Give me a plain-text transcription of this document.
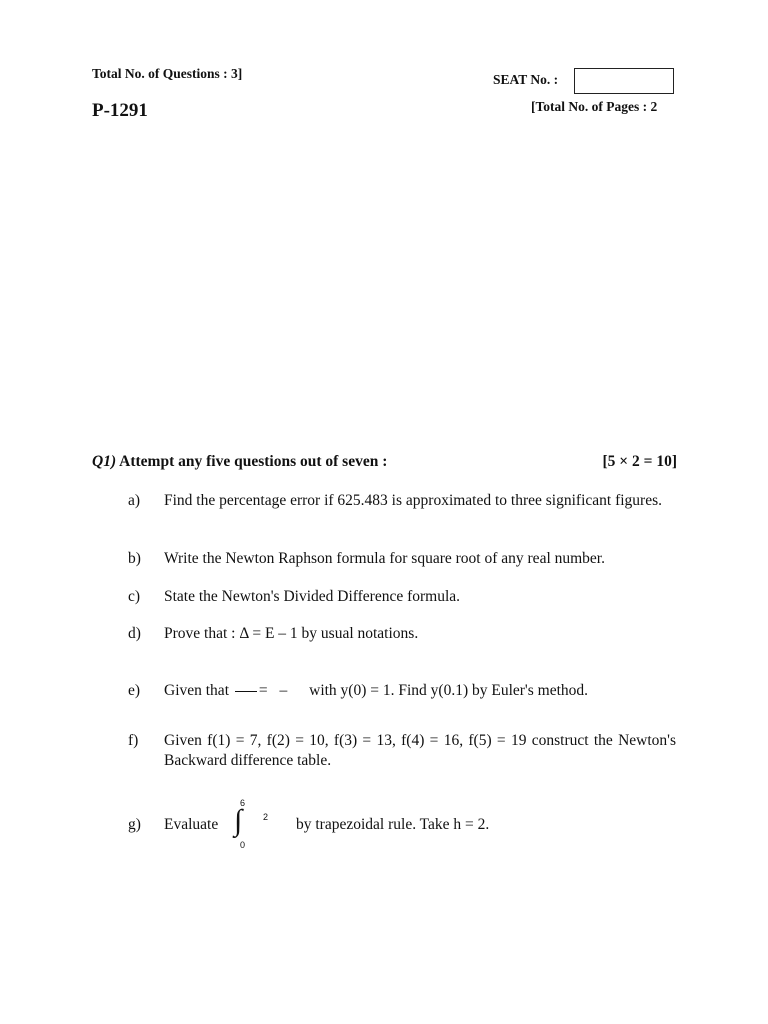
Total No. of Questions : 3]
P-1291
SEAT No. :
[Total No. of Pages : 2
Q1) Attempt any five questions out of seven :	[5 × 2 = 10]
a) Find the percentage error if 625.483 is approximated to three significant figures.
b) Write the Newton Raphson formula for square root of any real number.
c) State the Newton's Divided Difference formula.
d) Prove that : Δ = E – 1 by usual notations.
e) Given that = – with y(0) = 1. Find y(0.1) by Euler's method.
f) Given f(1) = 7, f(2) = 10, f(3) = 13, f(4) = 16, f(5) = 19 construct the Newton's Backward difference table.
g) Evaluate
6
∫
0
2 by trapezoidal rule. Take h = 2.
